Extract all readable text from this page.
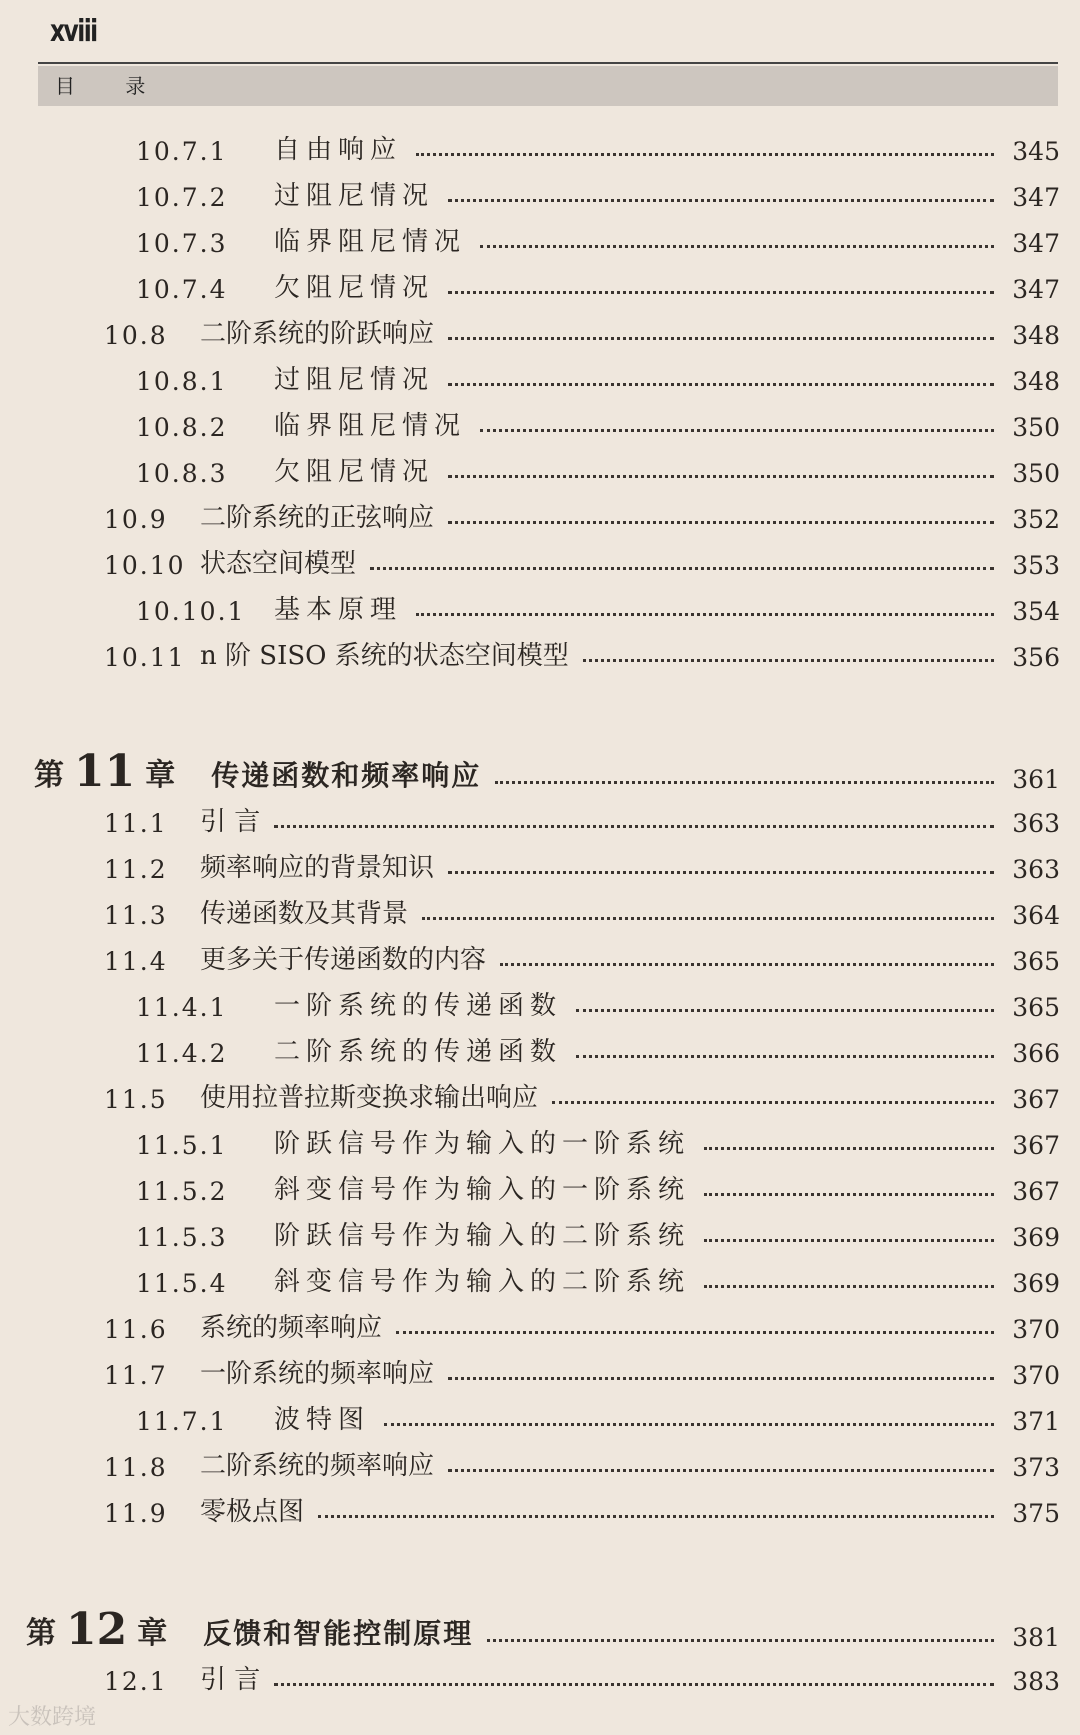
xviii
目 录
10.7.1	自由响应	345
10.7.2	过阻尼情况	347
10.7.3	临界阻尼情况	347
10.7.4	欠阻尼情况	347
10.8	二阶系统的阶跃响应	348
10.8.1	过阻尼情况	348
10.8.2	临界阻尼情况	350
10.8.3	欠阻尼情况	350
10.9	二阶系统的正弦响应	352
10.10 状态空间模型	353
10.10.1	基本原理	354
10.11 n 阶 SISO 系统的状态空间模型	356
第 11 章 传递函数和频率响应	361
11.1	引 言	363
11.2	频率响应的背景知识	363
11.3	传递函数及其背景	364
11.4	更多关于传递函数的内容	365
11.4.1	一阶系统的传递函数	365
11.4.2	二阶系统的传递函数	366
11.5	使用拉普拉斯变换求输出响应	367
11.5.1	阶跃信号作为输入的一阶系统	367
11.5.2	斜变信号作为输入的一阶系统	367
11.5.3	阶跃信号作为输入的二阶系统	369
11.5.4	斜变信号作为输入的二阶系统	369
11.6	系统的频率响应	370
11.7	一阶系统的频率响应	370
11.7.1	波特图	371
11.8	二阶系统的频率响应	373
11.9	零极点图	375
第 12 章 反馈和智能控制原理	381
12.1	引 言	383
大数跨境
